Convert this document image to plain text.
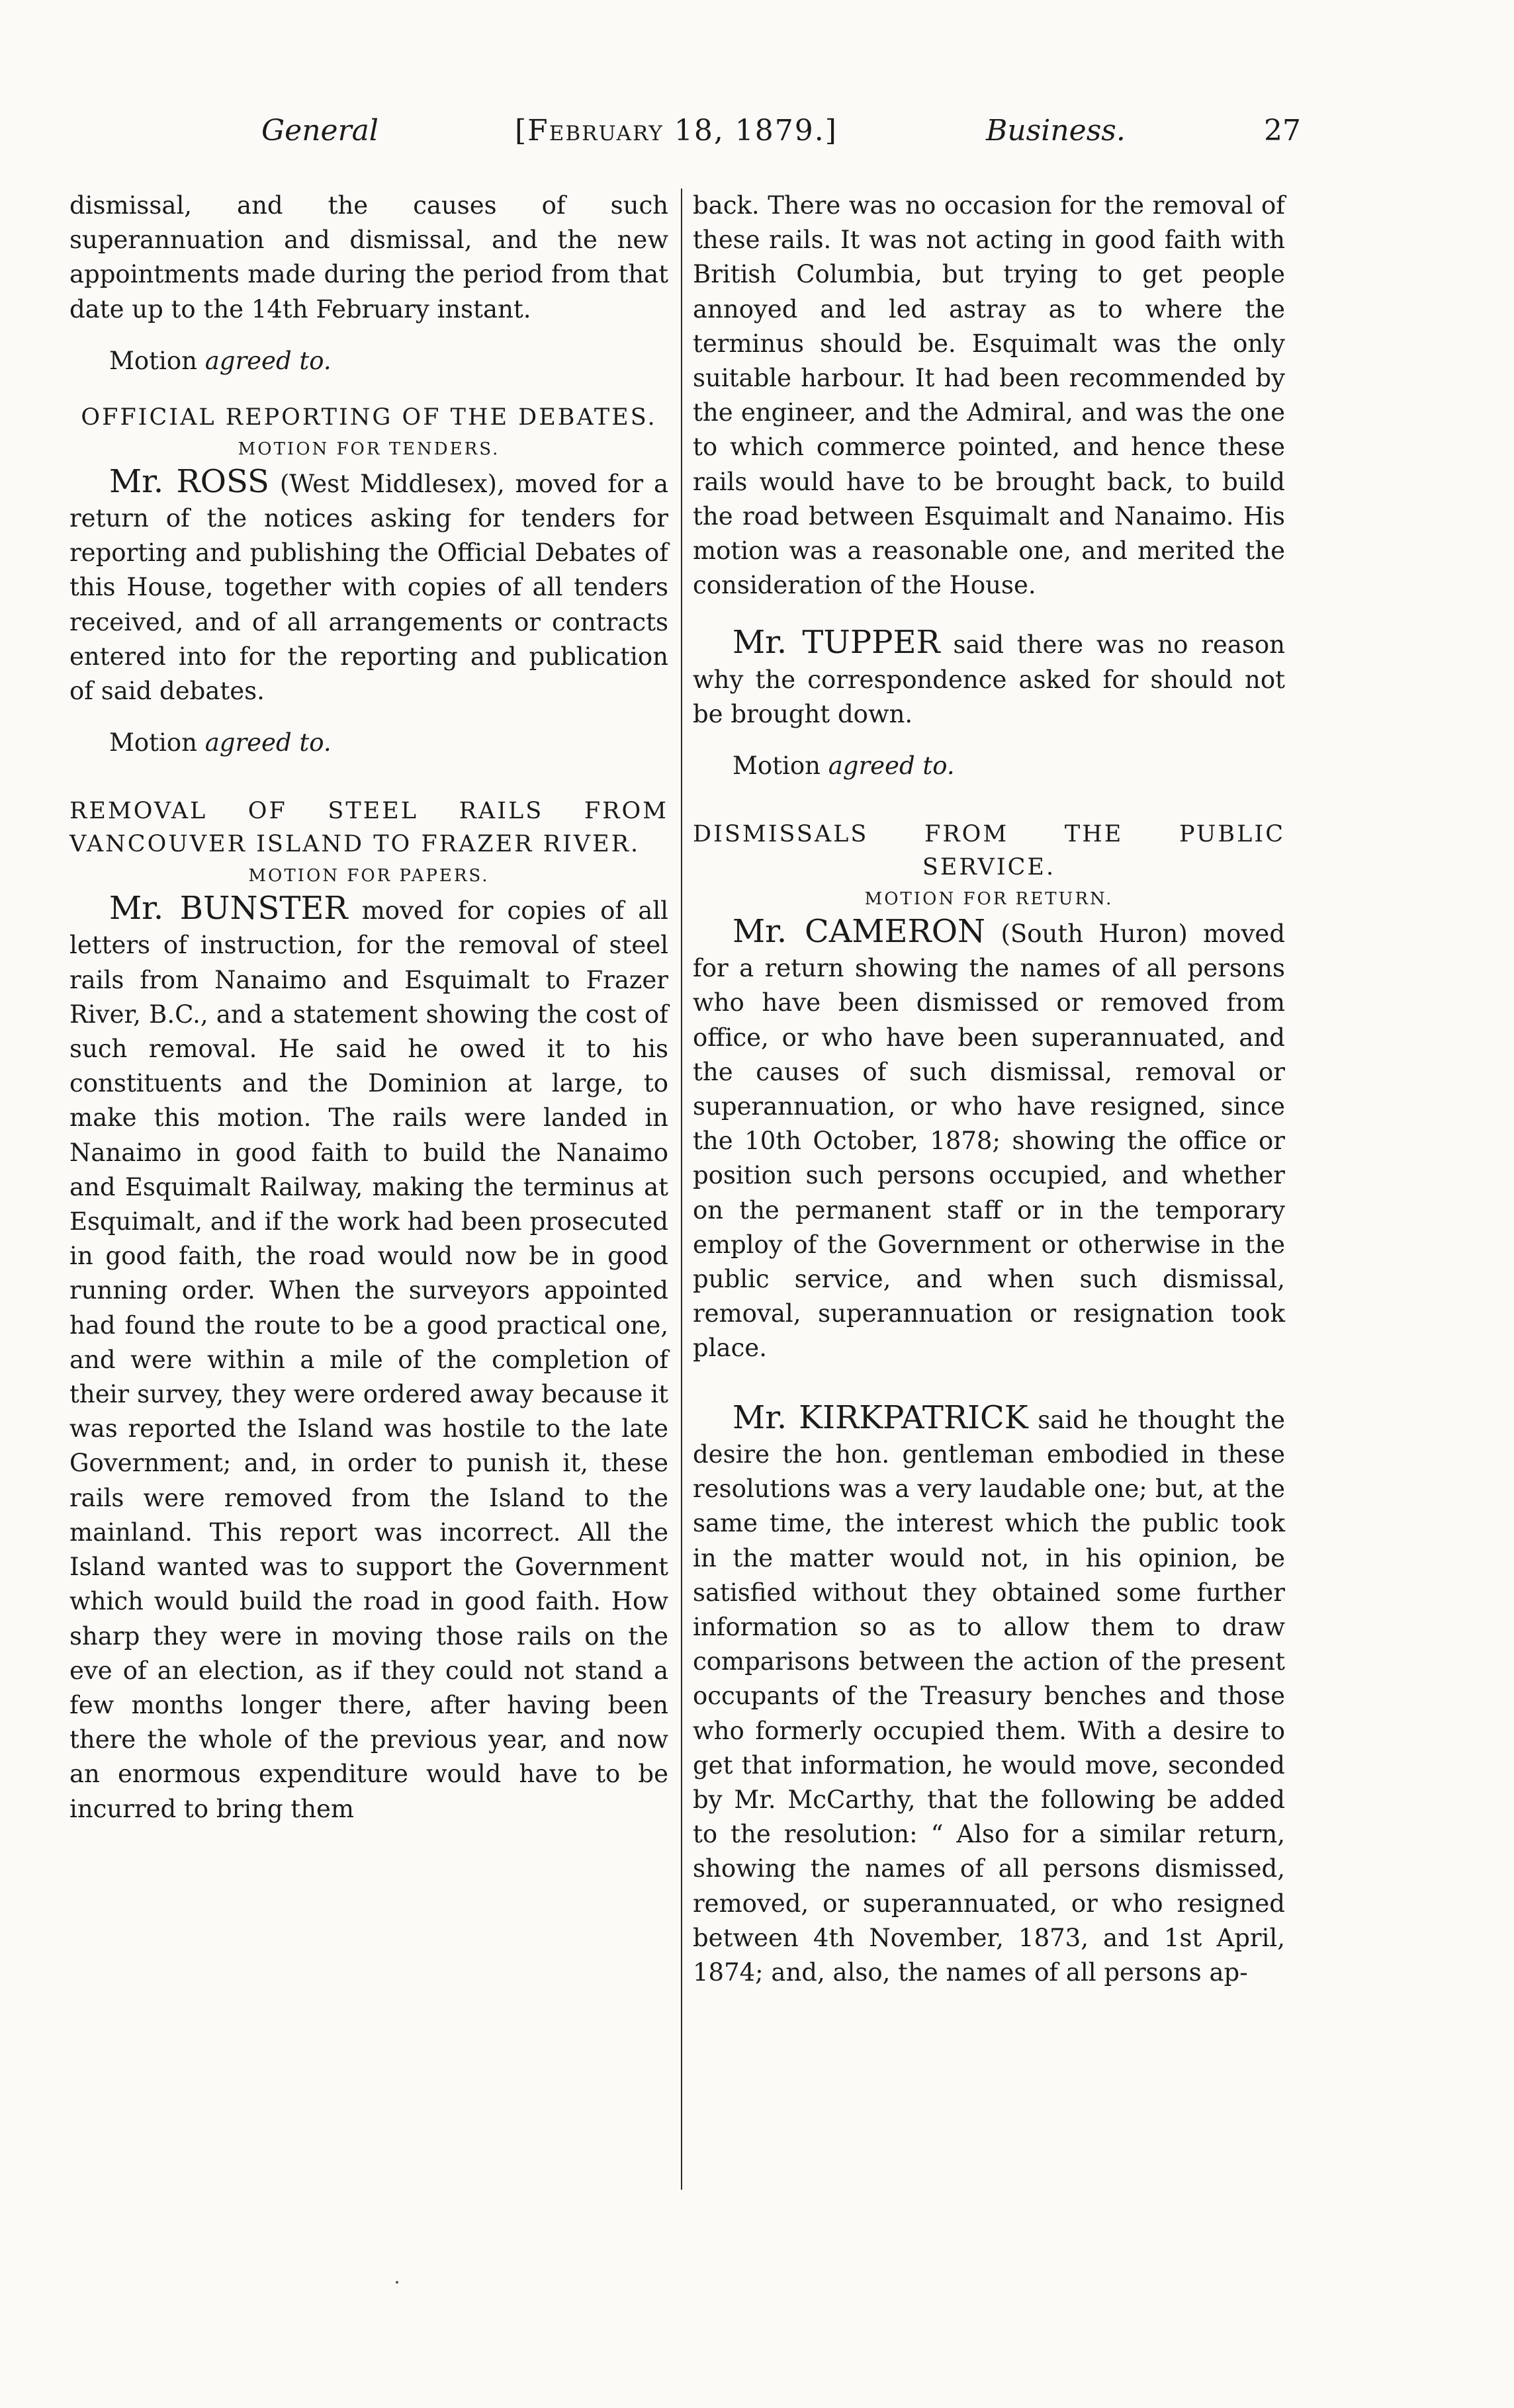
General	[February 18, 1879.]	Business.	27

dismissal, and the causes of such superannuation and dismissal, and the new appointments made during the period from that date up to the 14th February instant.

Motion agreed to.

OFFICIAL REPORTING OF THE DEBATES.

MOTION FOR TENDERS.

Mr. ROSS (West Middlesex), moved for a return of the notices asking for tenders for reporting and publishing the Official Debates of this House, together with copies of all tenders received, and of all arrangements or contracts entered into for the reporting and publication of said debates.

Motion agreed to.

REMOVAL OF STEEL RAILS FROM VANCOUVER ISLAND TO FRAZER RIVER.

MOTION FOR PAPERS.

Mr. BUNSTER moved for copies of all letters of instruction, for the removal of steel rails from Nanaimo and Esquimalt to Frazer River, B.C., and a statement showing the cost of such removal. He said he owed it to his constituents and the Dominion at large, to make this motion. The rails were landed in Nanaimo in good faith to build the Nanaimo and Esquimalt Railway, making the terminus at Esquimalt, and if the work had been prosecuted in good faith, the road would now be in good running order. When the surveyors appointed had found the route to be a good practical one, and were within a mile of the completion of their survey, they were ordered away because it was reported the Island was hostile to the late Government; and, in order to punish it, these rails were removed from the Island to the mainland. This report was incorrect. All the Island wanted was to support the Government which would build the road in good faith. How sharp they were in moving those rails on the eve of an election, as if they could not stand a few months longer there, after having been there the whole of the previous year, and now an enormous expenditure would have to be incurred to bring them

back. There was no occasion for the removal of these rails. It was not acting in good faith with British Columbia, but trying to get people annoyed and led astray as to where the terminus should be. Esquimalt was the only suitable harbour. It had been recommended by the engineer, and the Admiral, and was the one to which commerce pointed, and hence these rails would have to be brought back, to build the road between Esquimalt and Nanaimo. His motion was a reasonable one, and merited the consideration of the House.

Mr. TUPPER said there was no reason why the correspondence asked for should not be brought down.

Motion agreed to.

DISMISSALS FROM THE PUBLIC SERVICE.

MOTION FOR RETURN.

Mr. CAMERON (South Huron) moved for a return showing the names of all persons who have been dismissed or removed from office, or who have been superannuated, and the causes of such dismissal, removal or superannuation, or who have resigned, since the 10th October, 1878; showing the office or position such persons occupied, and whether on the permanent staff or in the temporary employ of the Government or otherwise in the public service, and when such dismissal, removal, superannuation or resignation took place.

Mr. KIRKPATRICK said he thought the desire the hon. gentleman embodied in these resolutions was a very laudable one; but, at the same time, the interest which the public took in the matter would not, in his opinion, be satisfied without they obtained some further information so as to allow them to draw comparisons between the action of the present occupants of the Treasury benches and those who formerly occupied them. With a desire to get that information, he would move, seconded by Mr. McCarthy, that the following be added to the resolution: “ Also for a similar return, showing the names of all persons dismissed, removed, or superannuated, or who resigned between 4th November, 1873, and 1st April, 1874; and, also, the names of all persons ap-
